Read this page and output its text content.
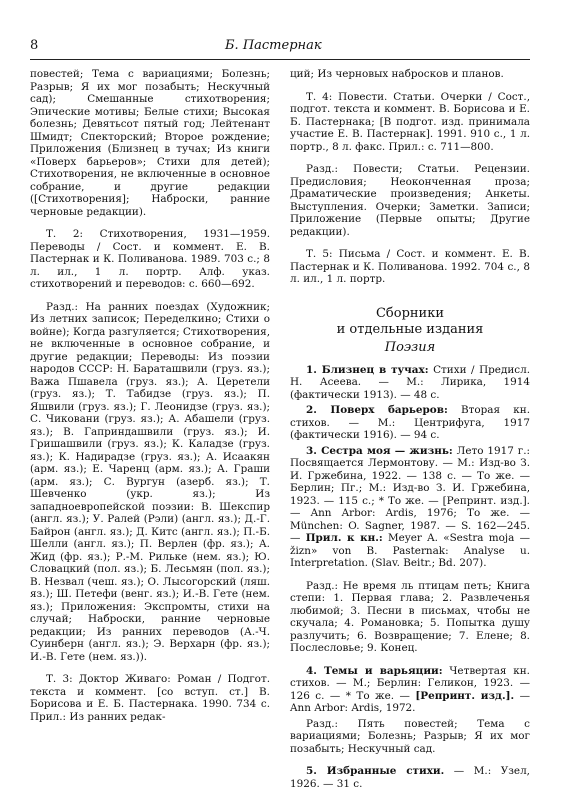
8	Б. Пастернак

повестей; Тема с вариациями; Болезнь; Разрыв; Я их мог позабыть; Нескучный сад); Смешанные стихотворения; Эпические мотивы; Белые стихи; Высокая болезнь; Девятьсот пятый год; Лейтенант Шмидт; Спекторский; Второе рождение; Приложения (Близнец в тучах; Из книги «Поверх барьеров»; Стихи для детей); Стихотворения, не включенные в основное собрание, и другие редакции ([Стихотворения]; Наброски, ранние черновые редакции).

Т. 2: Стихотворения, 1931—1959. Переводы / Сост. и коммент. Е. В. Пастернак и К. Поливанова. 1989. 703 с.; 8 л. ил., 1 л. портр. Алф. указ. стихотворений и переводов: с. 660—692.

Разд.: На ранних поездах (Художник; Из летних записок; Переделкино; Стихи о войне); Когда разгуляется; Стихотворения, не включенные в основное собрание, и другие редакции; Переводы: Из поэзии народов СССР: Н. Бараташвили (груз. яз.); Важа Пшавела (груз. яз.); А. Церетели (груз. яз.); Т. Табидзе (груз. яз.); П. Яшвили (груз. яз.); Г. Леонидзе (груз. яз.); С. Чиковани (груз. яз.); А. Абашели (груз. яз.); В. Гаприндашвили (груз. яз.); И. Гришашвили (груз. яз.); К. Каладзе (груз. яз.); К. Надирадзе (груз. яз.); А. Исаакян (арм. яз.); Е. Чаренц (арм. яз.); А. Граши (арм. яз.); С. Вургун (азерб. яз.); Т. Шевченко (укр. яз.); Из западноевропейской поэзии: В. Шекспир (англ. яз.); У. Ралей (Рэли) (англ. яз.); Д.-Г. Байрон (англ. яз.); Д. Китс (англ. яз.); П.-Б. Шелли (англ. яз.); П. Верлен (фр. яз.); А. Жид (фр. яз.); Р.-М. Рильке (нем. яз.); Ю. Словацкий (пол. яз.); Б. Лесьмян (пол. яз.); В. Незвал (чеш. яз.); О. Лысогорский (ляш. яз.); Ш. Петефи (венг. яз.); И.-В. Гете (нем. яз.); Приложения: Экспромты, стихи на случай; Наброски, ранние черновые редакции; Из ранних переводов (А.-Ч. Суинберн (англ. яз.); Э. Верхарн (фр. яз.); И.-В. Гете (нем. яз.)).

Т. 3: Доктор Живаго: Роман / Подгот. текста и коммент. [со вступ. ст.] В. Борисова и Е. Б. Пастернака. 1990. 734 с. Прил.: Из ранних редак-

ций; Из черновых набросков и планов.

Т. 4: Повести. Статьи. Очерки / Сост., подгот. текста и коммент. В. Борисова и Е. Б. Пастернака; [В подгот. изд. принимала участие Е. В. Пастернак]. 1991. 910 с., 1 л. портр., 8 л. факс. Прил.: с. 711—800.

Разд.: Повести; Статьи. Рецензии. Предисловия; Неоконченная проза; Драматические произведения; Анкеты. Выступления. Очерки; Заметки. Записи; Приложение (Первые опыты; Другие редакции).

Т. 5: Письма / Сост. и коммент. Е. В. Пастернак и К. Поливанова. 1992. 704 с., 8 л. ил., 1 л. портр.

Сборники
и отдельные издания
Поэзия

1. Близнец в тучах: Стихи / Предисл. Н. Асеева. — М.: Лирика, 1914 (фактически 1913). — 48 с.

2. Поверх барьеров: Вторая кн. стихов. — М.: Центрифуга, 1917 (фактически 1916). — 94 с.

3. Сестра моя — жизнь: Лето 1917 г.: Посвящается Лермонтову. — М.: Изд-во З. И. Гржебина, 1922. — 138 с. — То же. — Берлин; Пг.; М.: Изд-во З. И. Гржебина, 1923. — 115 с.; * То же. — [Репринт. изд.]. — Ann Arbor: Ardis, 1976; То же. — München: O. Sagner, 1987. — S. 162—245. — Прил. к кн.: Meyer A. «Sestra moja — žizn» von B. Pasternak: Analyse u. Interpretation. (Slav. Beitr.; Bd. 207).

Разд.: Не время ль птицам петь; Книга степи: 1. Первая глава; 2. Развлеченья любимой; 3. Песни в письмах, чтобы не скучала; 4. Романовка; 5. Попытка душу разлучить; 6. Возвращение; 7. Елене; 8. Послесловье; 9. Конец.

4. Темы и варьяции: Четвертая кн. стихов. — М.; Берлин: Геликон, 1923. — 126 с. — * То же. — [Репринт. изд.]. — Ann Arbor: Ardis, 1972.

Разд.: Пять повестей; Тема с вариациями; Болезнь; Разрыв; Я их мог позабыть; Нескучный сад.

5. Избранные стихи. — М.: Узел, 1926. — 31 с.
